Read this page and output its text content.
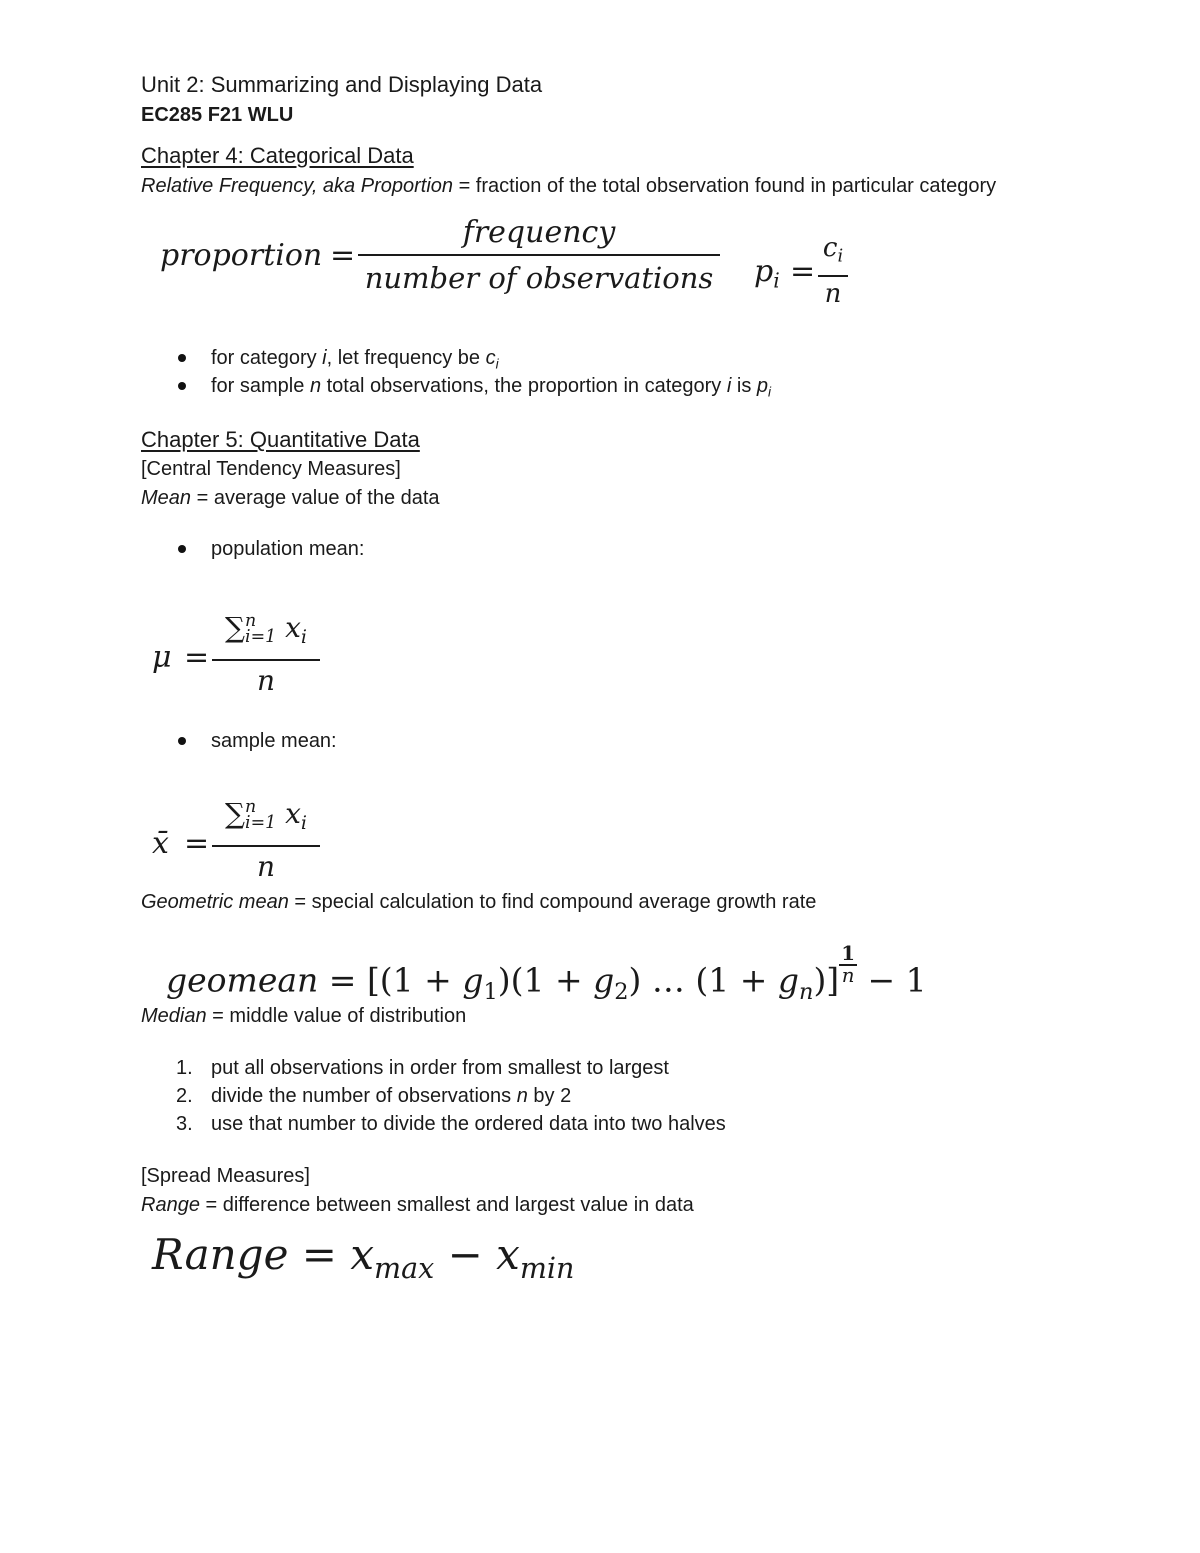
Unit 2: Summarizing and Displaying Data

EC285 F21 WLU

Chapter 4: Categorical Data

Relative Frequency, aka Proportion = fraction of the total observation found in particular category

proportion =
frequency
number of observations $p_i$ =
$c_i$
n

for category i, let frequency be $c_i$

for sample n total observations, the proportion in category i is $p_i$

Chapter 5: Quantitative Data

[Central Tendency Measures]

Mean = average value of the data

population mean:

μ =
∑ n
i=1 $x_i$
n

sample mean:

x̄ =
∑ n
i=1 $x_i$
n

Geometric mean = special calculation to find compound average growth rate

geomean = [$(1 + g_1)(1 + g_2)$ … $(1 + g_n)] \frac{1}{n} - 1$

Median = middle value of distribution

1. put all observations in order from smallest to largest

2. divide the number of observations n by 2

3. use that number to divide the ordered data into two halves

[Spread Measures]

Range = difference between smallest and largest value in data

Range = $x_{max} - x_{min}$
